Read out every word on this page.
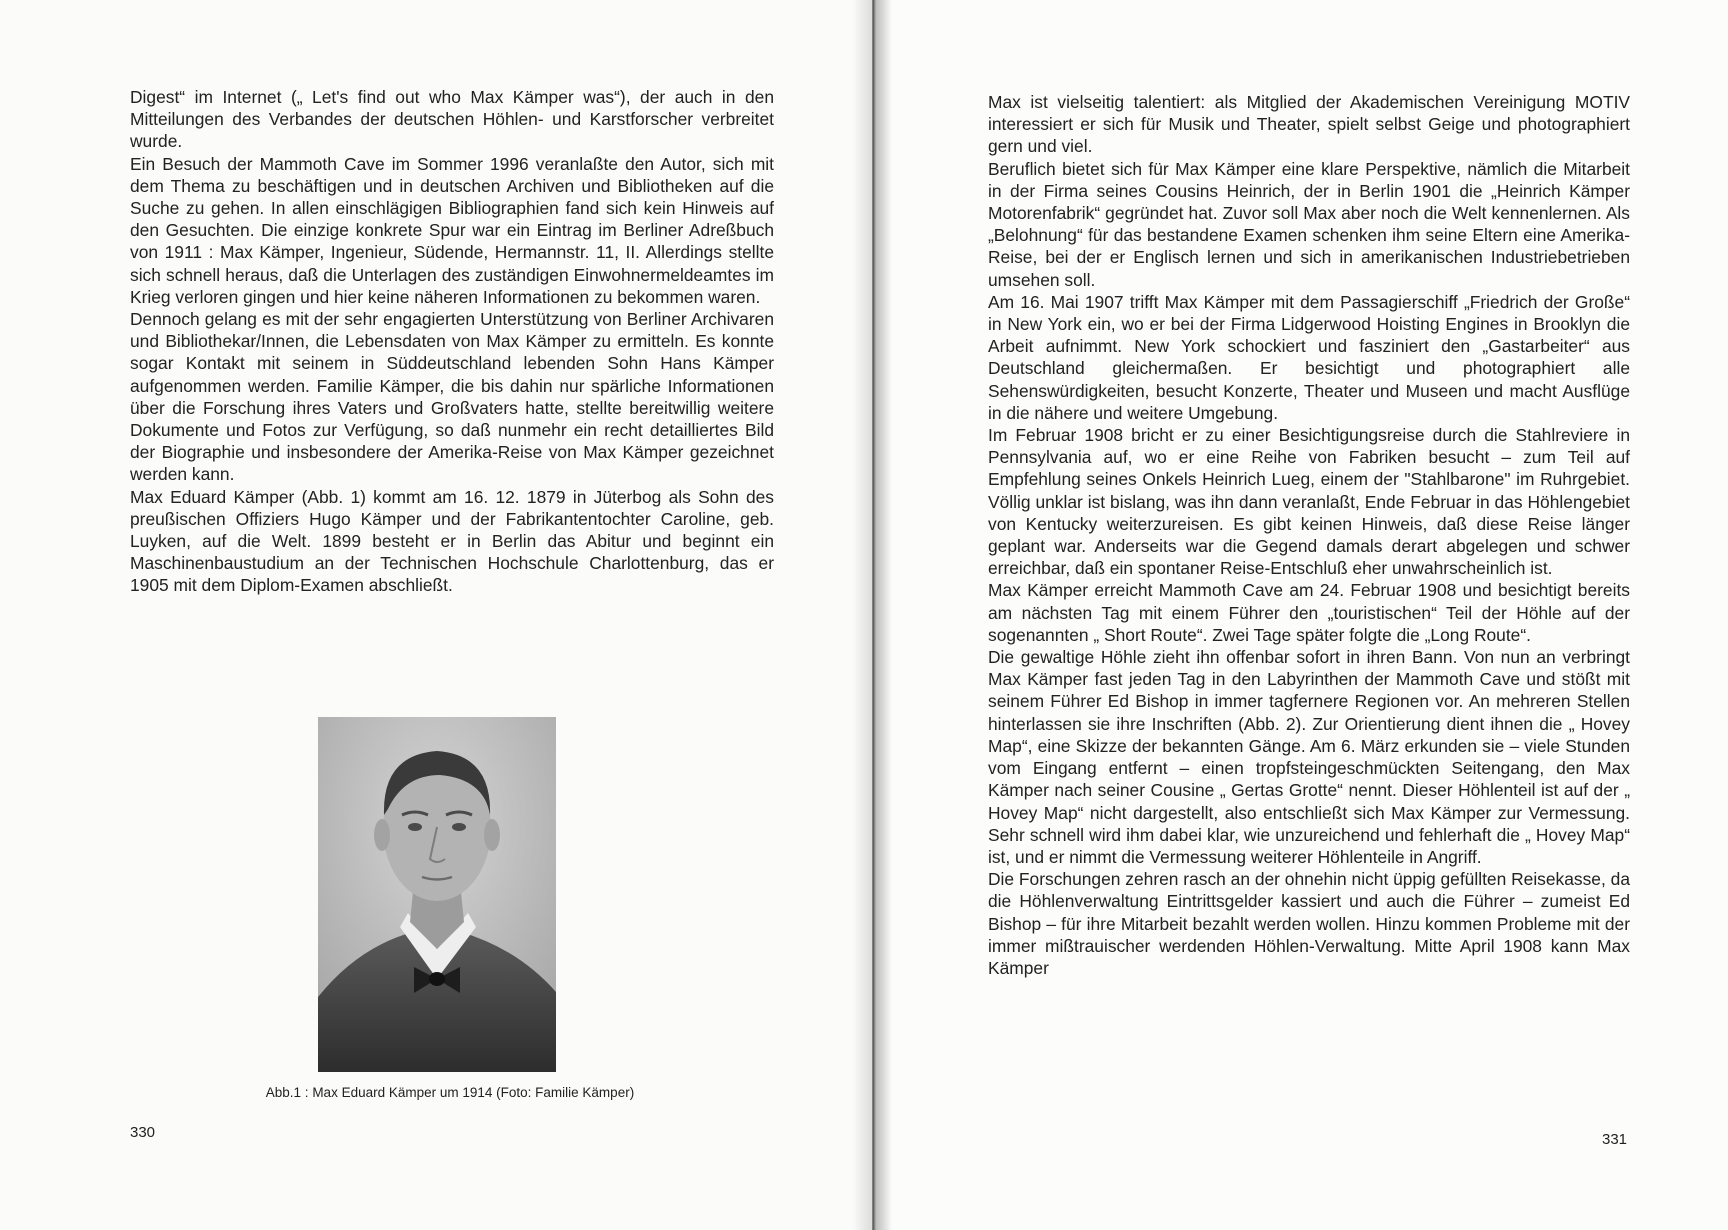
Digest“ im Internet („ Let's find out who Max Kämper was“), der auch in den Mitteilungen des Verbandes der deutschen Höhlen- und Karstforscher verbreitet wurde.

Ein Besuch der Mammoth Cave im Sommer 1996 veranlaßte den Autor, sich mit dem Thema zu beschäftigen und in deutschen Archiven und Bibliotheken auf die Suche zu gehen. In allen einschlägigen Bibliographien fand sich kein Hinweis auf den Gesuchten. Die einzige konkrete Spur war ein Eintrag im Berliner Adreßbuch von 1911 : Max Kämper, Ingenieur, Südende, Hermannstr. 11, II. Allerdings stellte sich schnell heraus, daß die Unterlagen des zuständigen Einwohnermeldeamtes im Krieg verloren gingen und hier keine näheren Informationen zu bekommen waren.

Dennoch gelang es mit der sehr engagierten Unterstützung von Berliner Archivaren und Bibliothekar/Innen, die Lebensdaten von Max Kämper zu ermitteln. Es konnte sogar Kontakt mit seinem in Süddeutschland lebenden Sohn Hans Kämper aufgenommen werden. Familie Kämper, die bis dahin nur spärliche Informationen über die Forschung ihres Vaters und Großvaters hatte, stellte bereitwillig weitere Dokumente und Fotos zur Verfügung, so daß nunmehr ein recht detailliertes Bild der Biographie und insbesondere der Amerika-Reise von Max Kämper gezeichnet werden kann.

Max Eduard Kämper (Abb. 1) kommt am 16. 12. 1879 in Jüterbog als Sohn des preußischen Offiziers Hugo Kämper und der Fabrikantentochter Caroline, geb. Luyken, auf die Welt. 1899 besteht er in Berlin das Abitur und beginnt ein Maschinenbaustudium an der Technischen Hochschule Charlottenburg, das er 1905 mit dem Diplom-Examen abschließt.

Abb.1 : Max Eduard Kämper um 1914 (Foto: Familie Kämper)
330

Max ist vielseitig talentiert: als Mitglied der Akademischen Vereinigung MOTIV interessiert er sich für Musik und Theater, spielt selbst Geige und photographiert gern und viel.

Beruflich bietet sich für Max Kämper eine klare Perspektive, nämlich die Mitarbeit in der Firma seines Cousins Heinrich, der in Berlin 1901 die „Heinrich Kämper Motorenfabrik“ gegründet hat. Zuvor soll Max aber noch die Welt kennenlernen. Als „Belohnung“ für das bestandene Examen schenken ihm seine Eltern eine Amerika-Reise, bei der er Englisch lernen und sich in amerikanischen Industriebetrieben umsehen soll.

Am 16. Mai 1907 trifft Max Kämper mit dem Passagierschiff „Friedrich der Große“ in New York ein, wo er bei der Firma Lidgerwood Hoisting Engines in Brooklyn die Arbeit aufnimmt. New York schockiert und fasziniert den „Gastarbeiter“ aus Deutschland gleichermaßen. Er besichtigt und photographiert alle Sehenswürdigkeiten, besucht Konzerte, Theater und Museen und macht Ausflüge in die nähere und weitere Umgebung.

Im Februar 1908 bricht er zu einer Besichtigungsreise durch die Stahlreviere in Pennsylvania auf, wo er eine Reihe von Fabriken besucht – zum Teil auf Empfehlung seines Onkels Heinrich Lueg, einem der "Stahlbarone" im Ruhrgebiet. Völlig unklar ist bislang, was ihn dann veranlaßt, Ende Februar in das Höhlengebiet von Kentucky weiterzureisen. Es gibt keinen Hinweis, daß diese Reise länger geplant war. Anderseits war die Gegend damals derart abgelegen und schwer erreichbar, daß ein spontaner Reise-Entschluß eher unwahrscheinlich ist.

Max Kämper erreicht Mammoth Cave am 24. Februar 1908 und besichtigt bereits am nächsten Tag mit einem Führer den „touristischen“ Teil der Höhle auf der sogenannten „ Short Route“. Zwei Tage später folgte die „Long Route“.

Die gewaltige Höhle zieht ihn offenbar sofort in ihren Bann. Von nun an verbringt Max Kämper fast jeden Tag in den Labyrinthen der Mammoth Cave und stößt mit seinem Führer Ed Bishop in immer tagfernere Regionen vor. An mehreren Stellen hinterlassen sie ihre Inschriften (Abb. 2). Zur Orientierung dient ihnen die „ Hovey Map“, eine Skizze der bekannten Gänge. Am 6. März erkunden sie – viele Stunden vom Eingang entfernt – einen tropfsteingeschmückten Seitengang, den Max Kämper nach seiner Cousine „ Gertas Grotte“ nennt. Dieser Höhlenteil ist auf der „ Hovey Map“ nicht dargestellt, also entschließt sich Max Kämper zur Vermessung. Sehr schnell wird ihm dabei klar, wie unzureichend und fehlerhaft die „ Hovey Map“ ist, und er nimmt die Vermessung weiterer Höhlenteile in Angriff.

Die Forschungen zehren rasch an der ohnehin nicht üppig gefüllten Reisekasse, da die Höhlenverwaltung Eintrittsgelder kassiert und auch die Führer – zumeist Ed Bishop – für ihre Mitarbeit bezahlt werden wollen. Hinzu kommen Probleme mit der immer mißtrauischer werdenden Höhlen-Verwaltung. Mitte April 1908 kann Max Kämper

331
